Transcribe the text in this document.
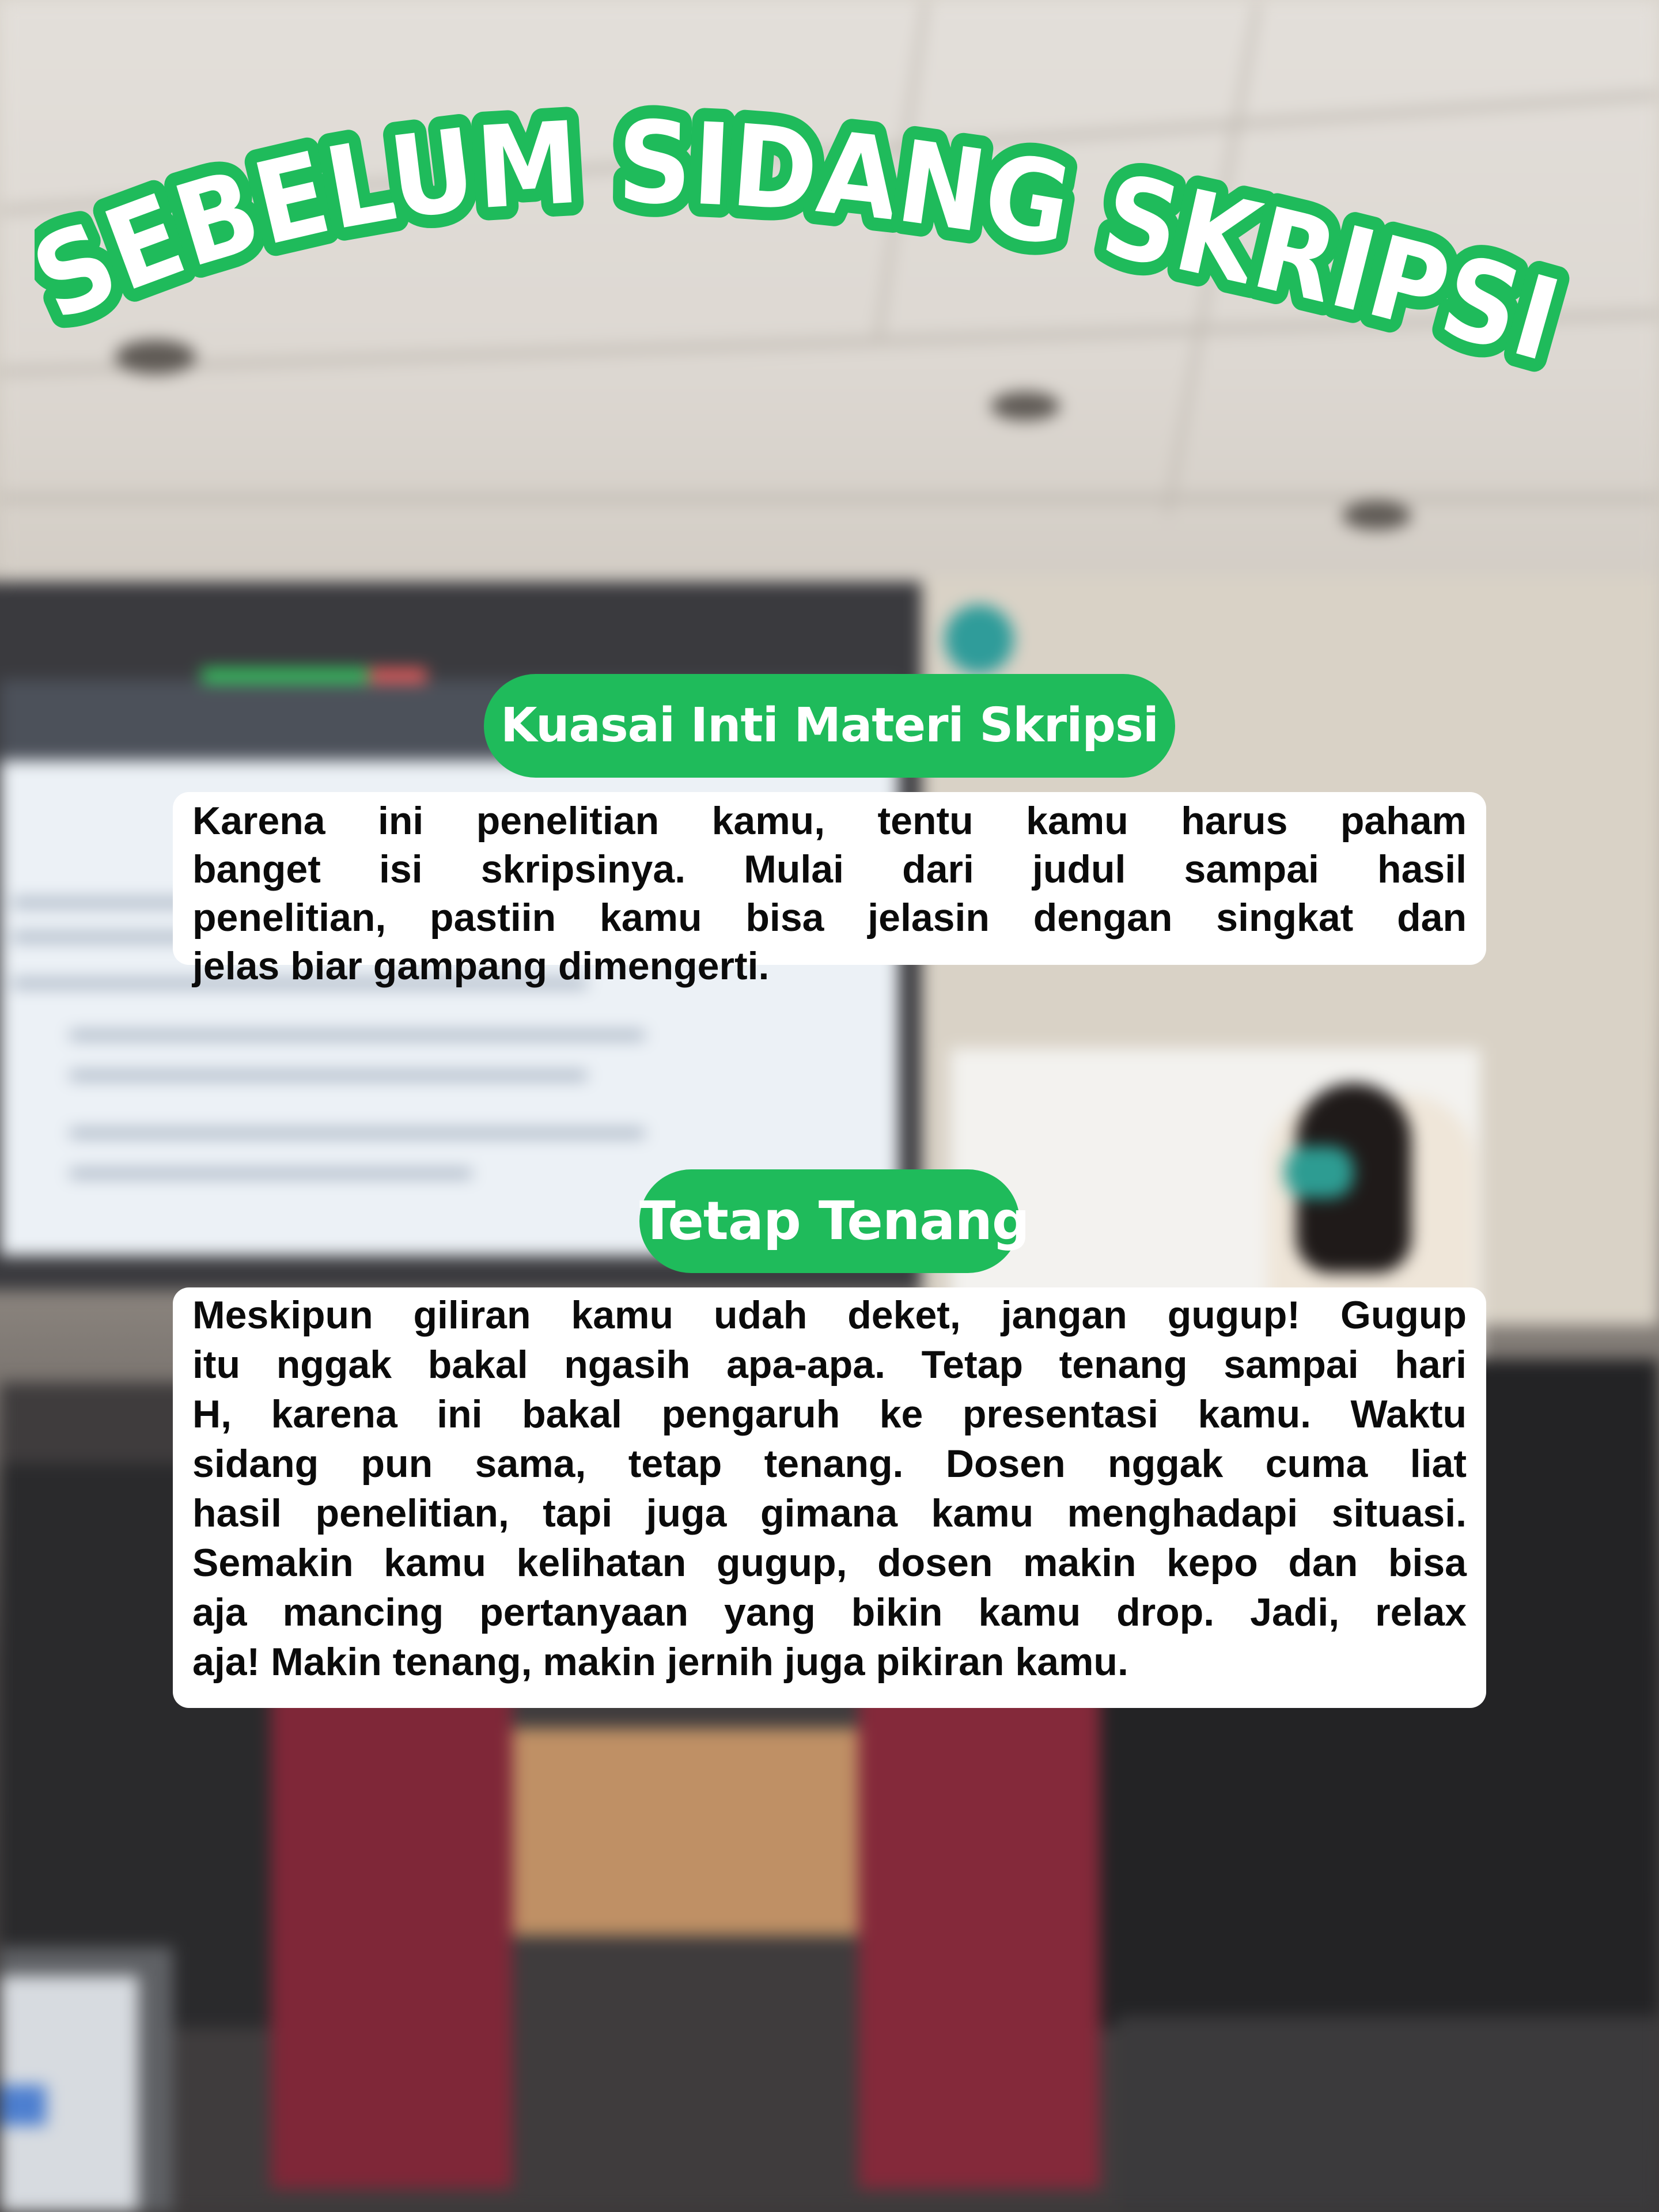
EBELUM SIDANG SKRIPSI
Kuasai Inti Materi Skripsi
Karena ini penelitian kamu, tentu kamu harus paham
banget isi skripsinya. Mulai dari judul sampai hasil
penelitian, pastiin kamu bisa jelasin dengan singkat dan
jelas biar gampang dimengerti.
Tetap Tenang
Meskipun giliran kamu udah deket, jangan gugup! Gugup
itu nggak bakal ngasih apa-apa. Tetap tenang sampai hari
H, karena ini bakal pengaruh ke presentasi kamu. Waktu
sidang pun sama, tetap tenang. Dosen nggak cuma liat
hasil penelitian, tapi juga gimana kamu menghadapi situasi.
Semakin kamu kelihatan gugup, dosen makin kepo dan bisa
aja mancing pertanyaan yang bikin kamu drop. Jadi, relax
aja! Makin tenang, makin jernih juga pikiran kamu.
